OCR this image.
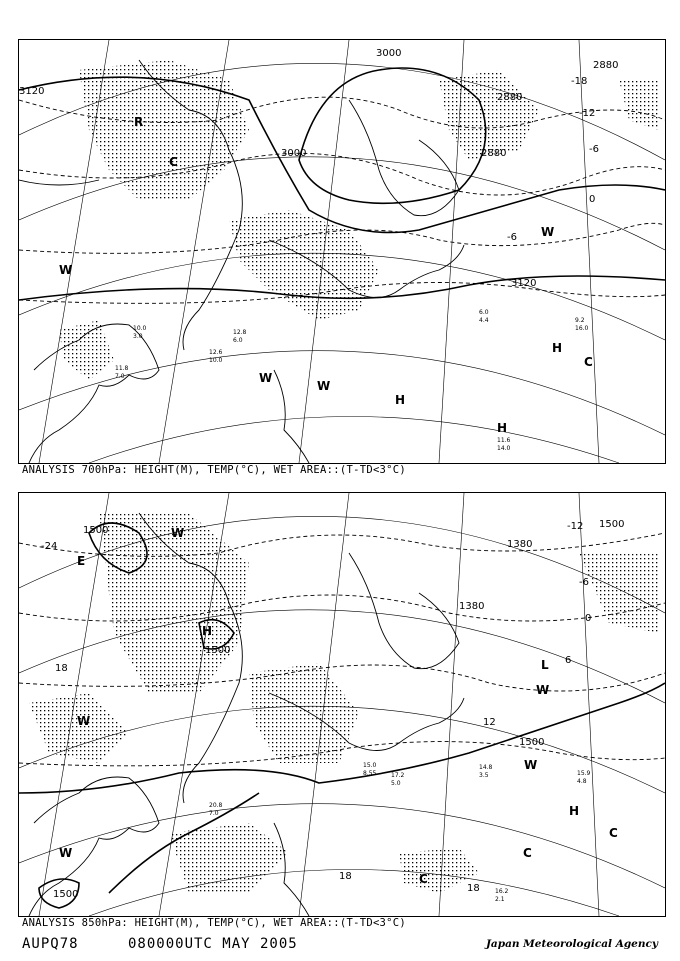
3120
3000
3000	2880
2880
2880
3120
-18
-12
-6
0
-6
H
H
H
W
W
W
W
C
C
R
11.6
14.0
9.2
16.0
6.0
4.4
12.6
10.0
12.8
6.0
10.0
3.0
11.8
7.0
ANALYSIS 700hPa: HEIGHT(M), TEMP(°C), WET AREA::(T-TD<3°C)
1500
1500
1380
1380
1500
1500
1500
-24
-12
-6
0
6
12
18
18
18
H
H
W
W
W
W
W
C
C
C
L
E
14.8
3.5	15.9
4.8
16.2
2.1
20.8
7.0
17.2
5.0
15.0
8.55
ANALYSIS 850hPa: HEIGHT(M), TEMP(°C), WET AREA::(T-TD<3°C)
AUPQ78	080000UTC MAY 2005	Japan Meteorological Agency
